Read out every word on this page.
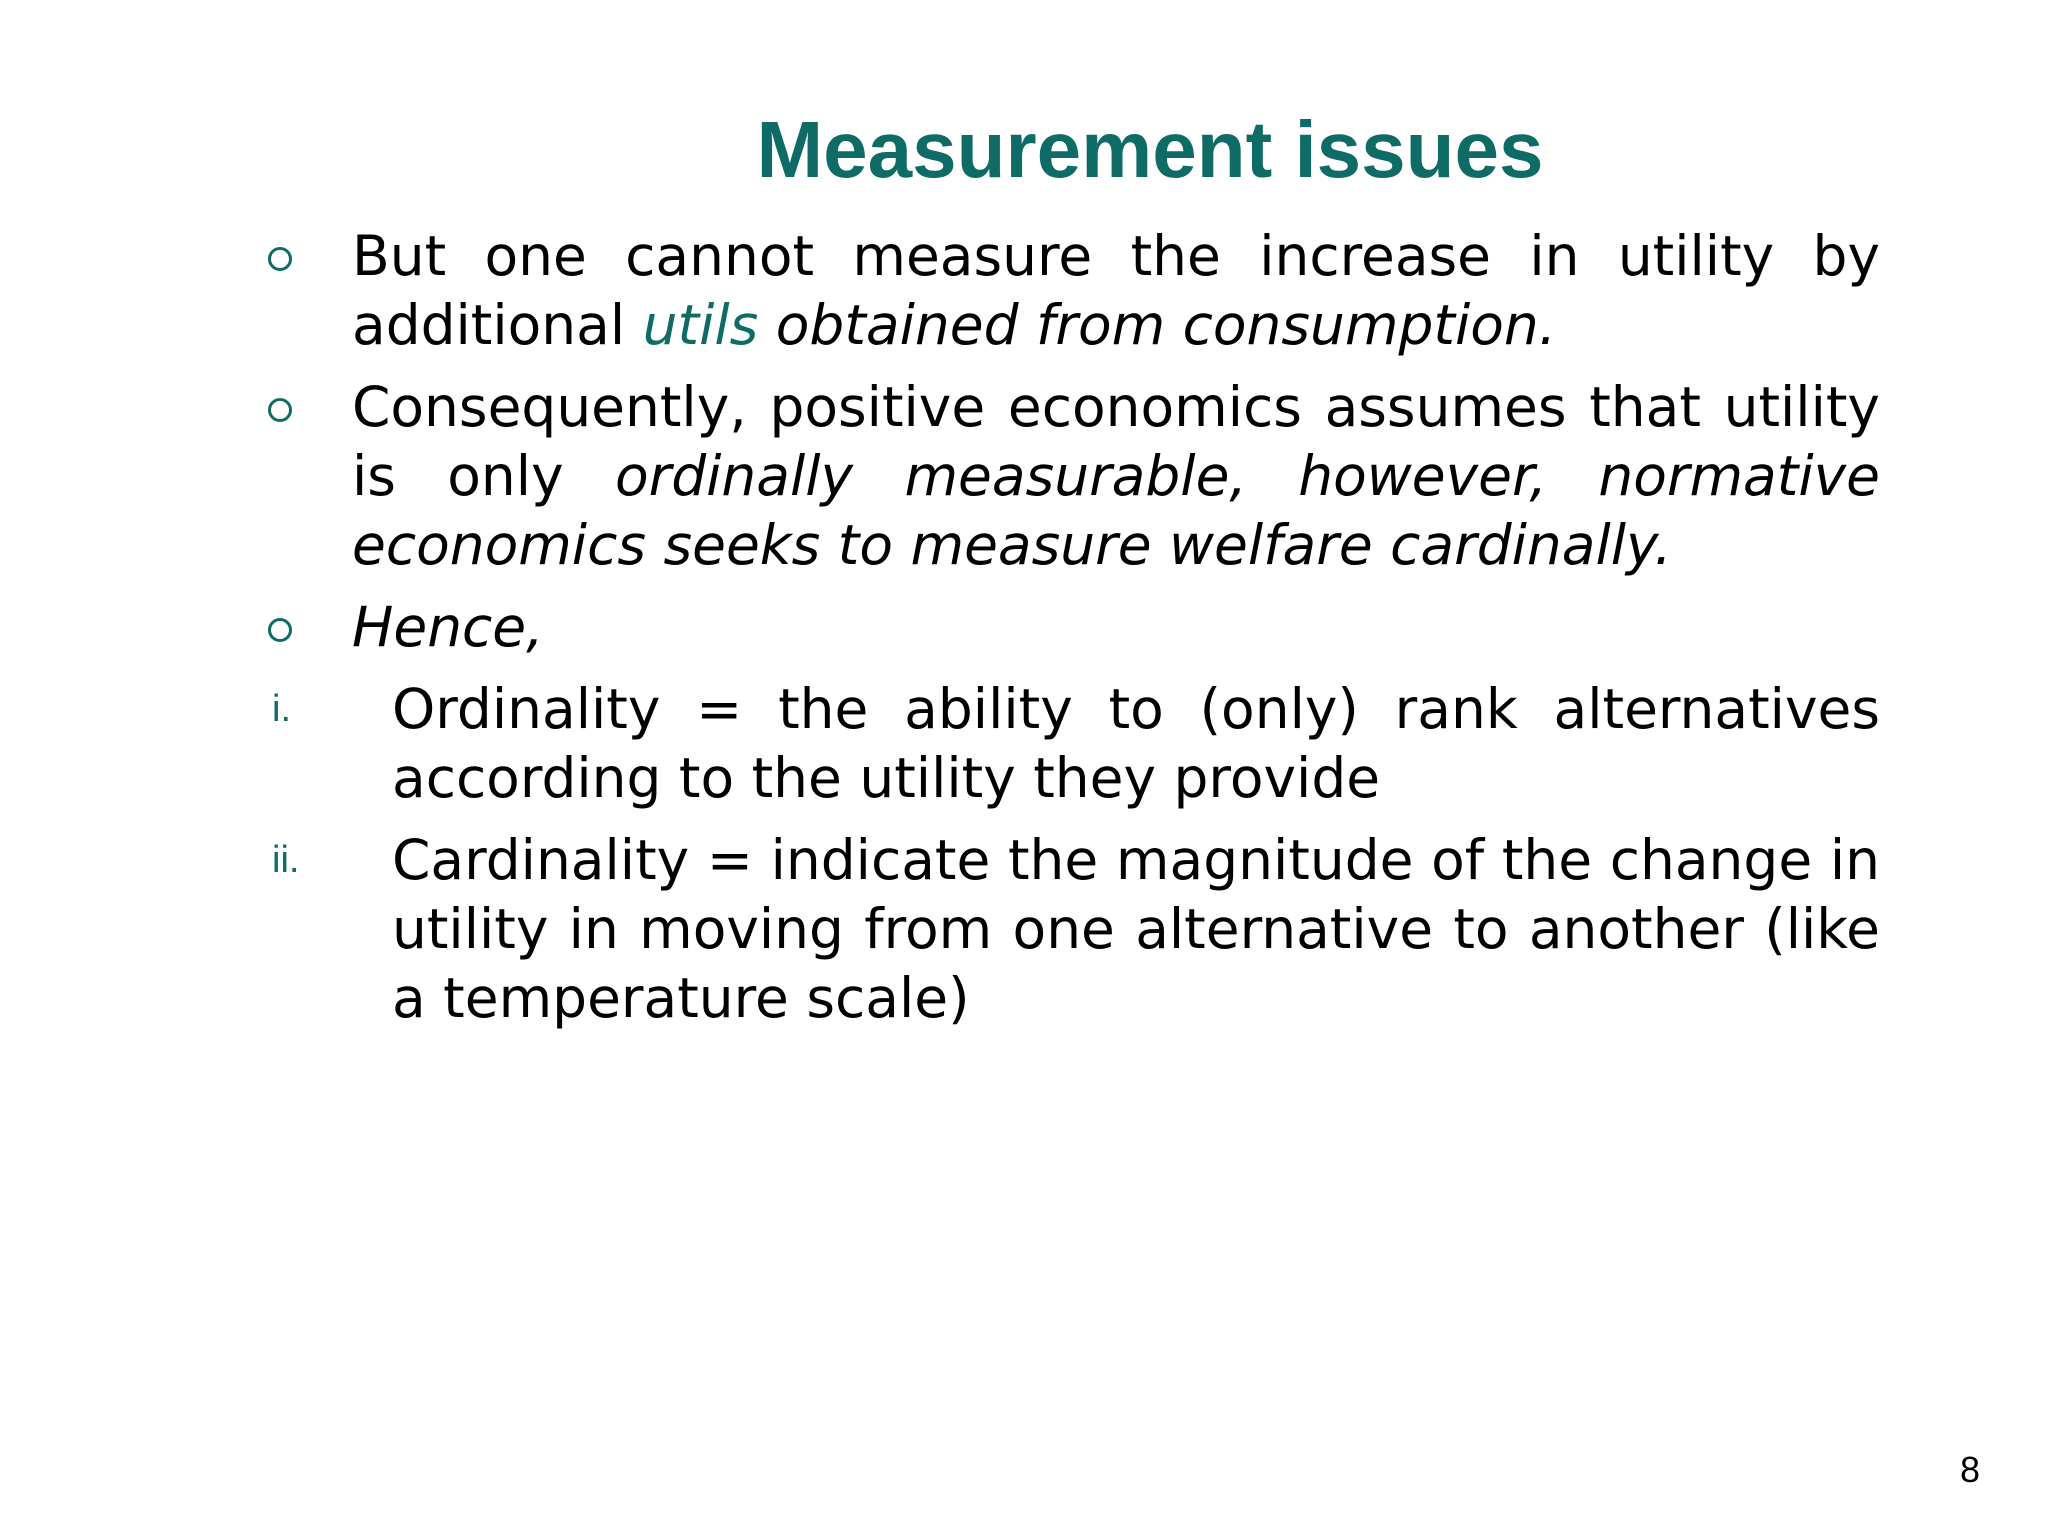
Measurement issues
But one cannot measure the increase in utility by additional utils obtained from consumption.
Consequently, positive economics assumes that utility is only ordinally measurable, however, normative economics seeks to measure welfare cardinally.
Hence,
i. Ordinality = the ability to (only) rank alternatives according to the utility they provide
ii. Cardinality = indicate the magnitude of the change in utility in moving from one alternative to another (like a temperature scale)
8
